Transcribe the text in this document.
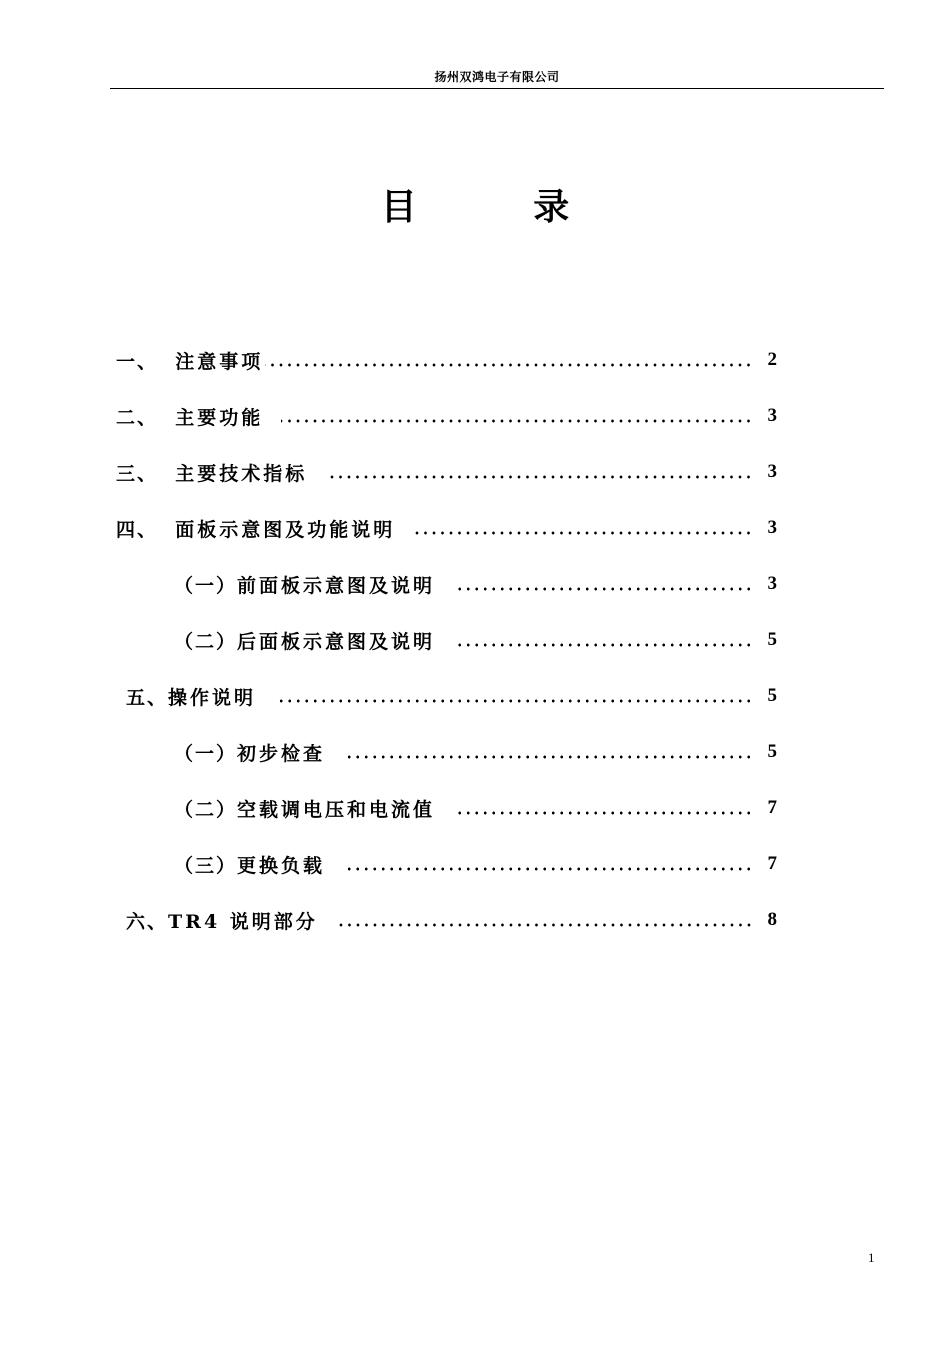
扬州双鸿电子有限公司
目 录
一、 注意事项	2
二、 主要功能	3
三、 主要技术指标	3
四、 面板示意图及功能说明	3
（一） 前面板示意图及说明	3
（二） 后面板示意图及说明	5
五、 操作说明	5
（一） 初步检查	5
（二） 空载调电压和电流值	7
（三） 更换负载	7
六、 TR4 说明部分	8
1
